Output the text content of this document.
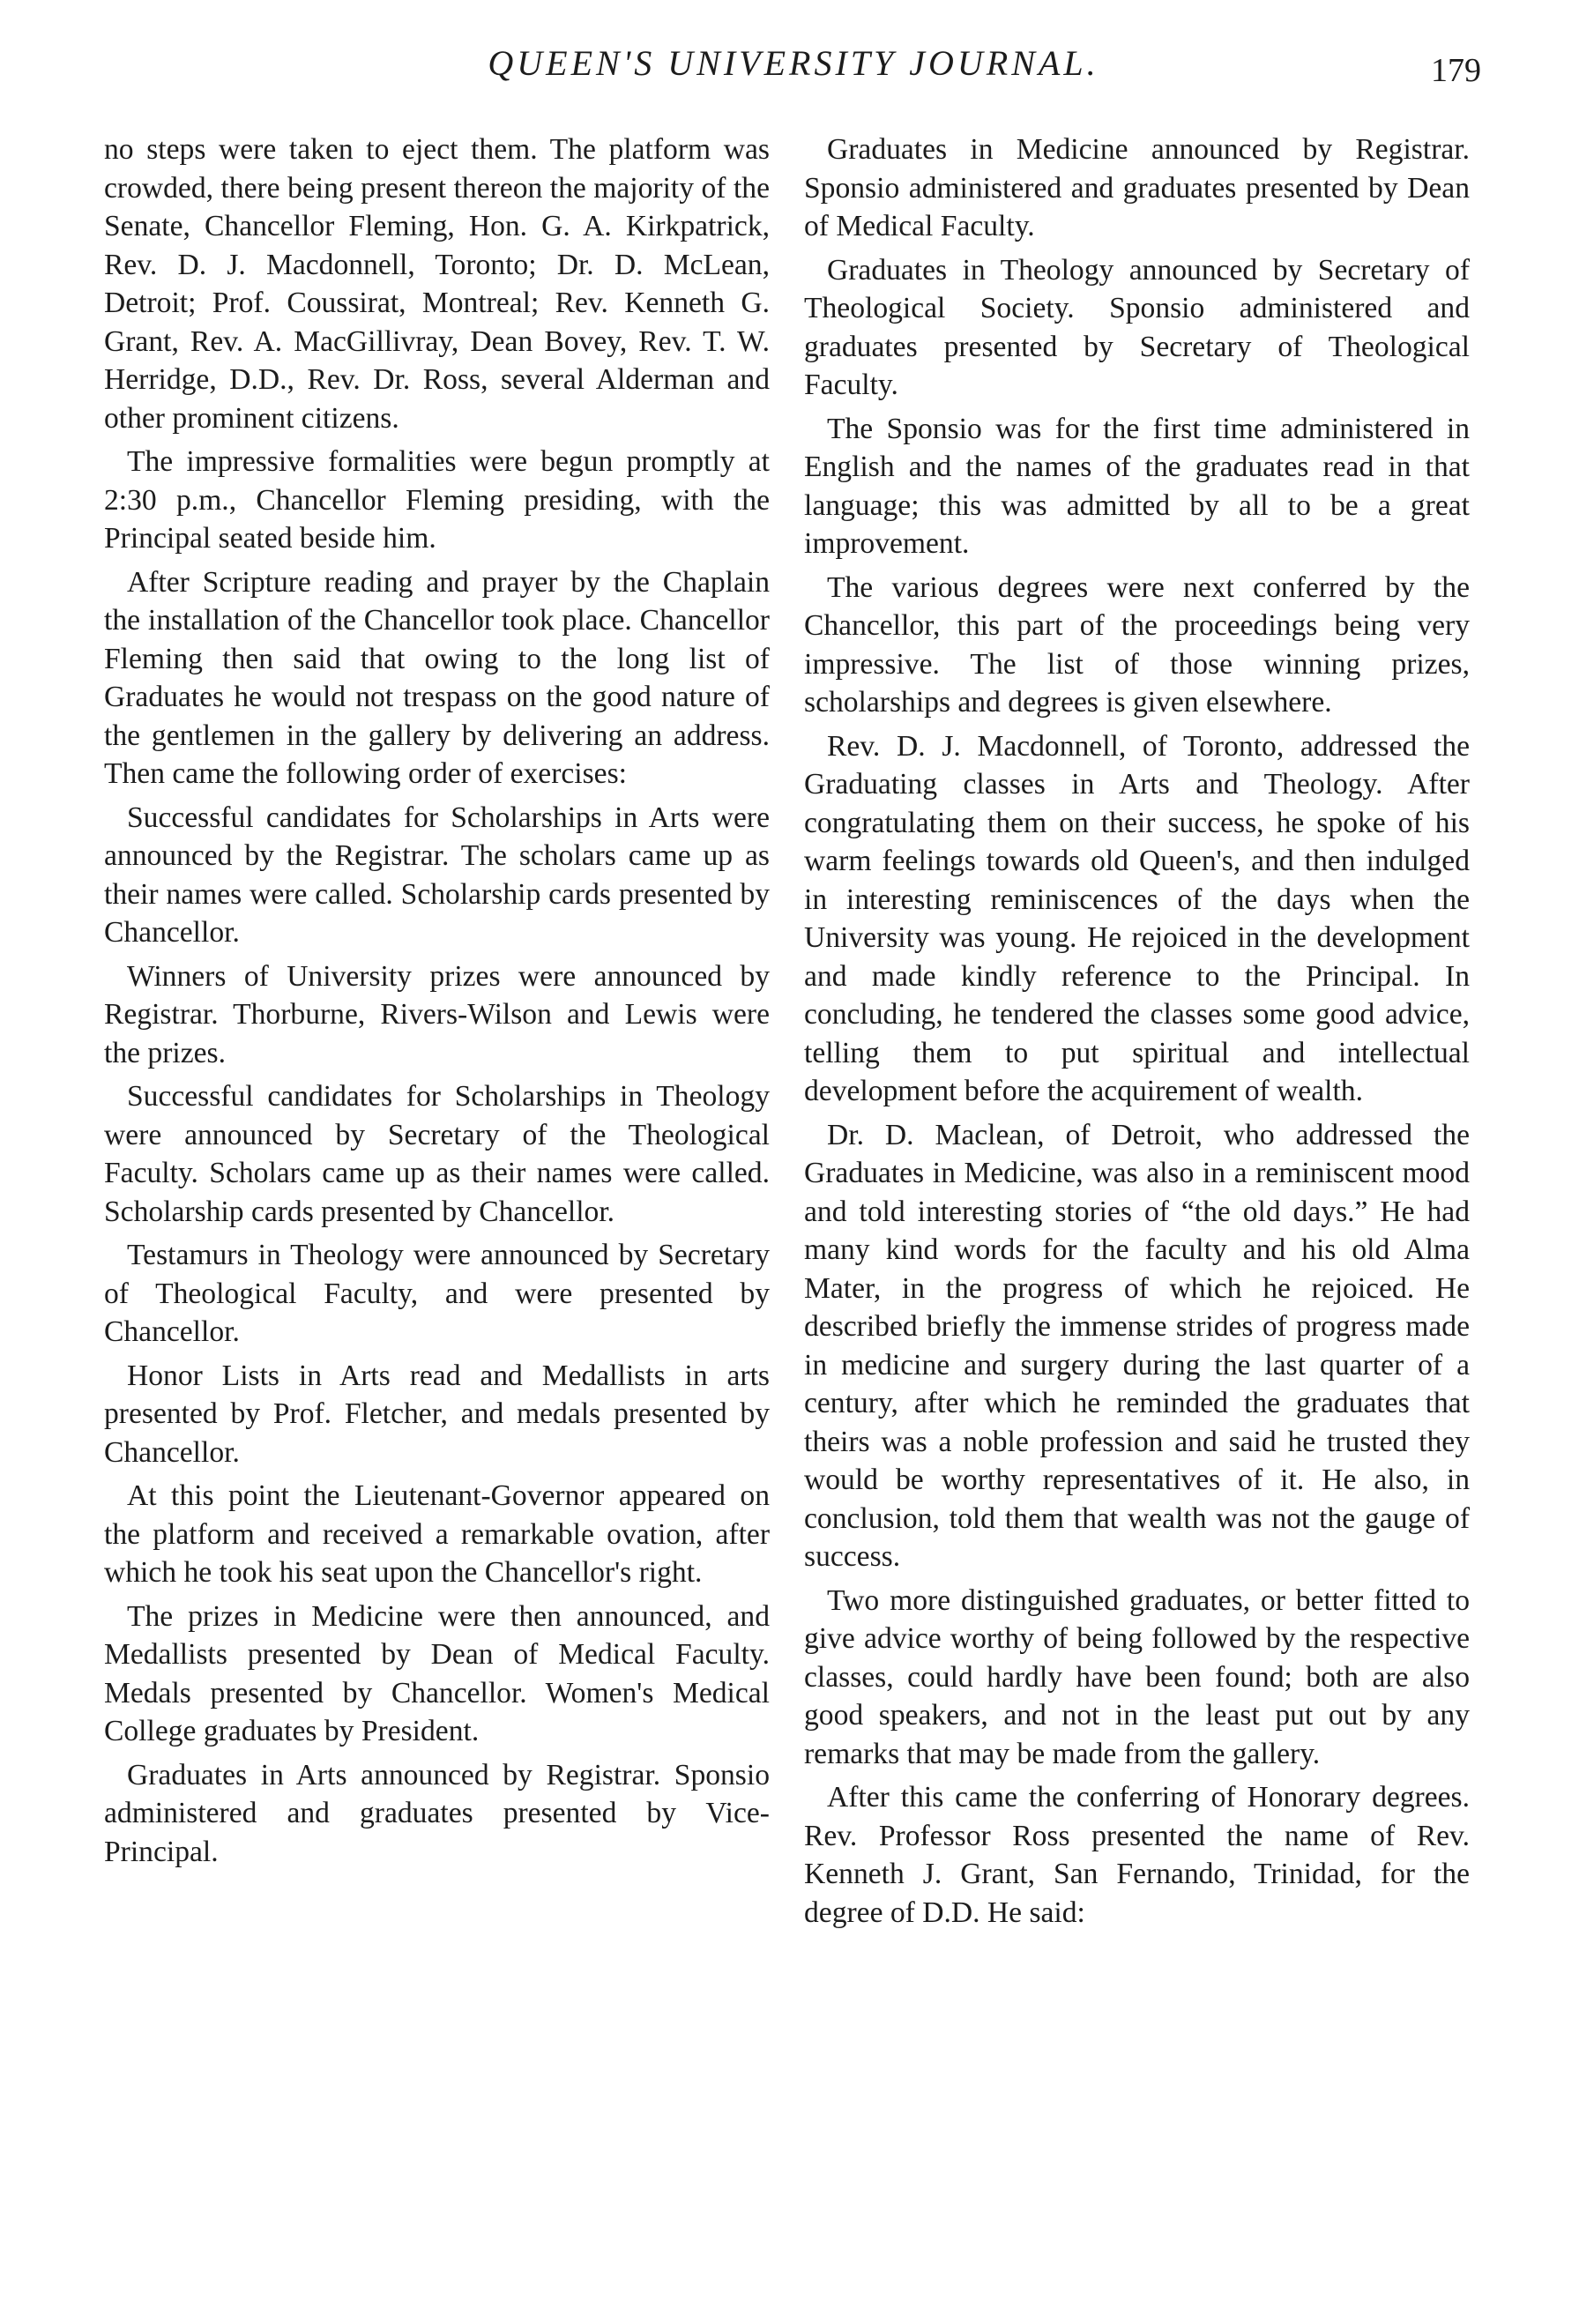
QUEEN'S UNIVERSITY JOURNAL.	179

no steps were taken to eject them. The platform was crowded, there being present thereon the majority of the Senate, Chancellor Fleming, Hon. G. A. Kirkpatrick, Rev. D. J. Macdonnell, Toronto; Dr. D. McLean, Detroit; Prof. Coussirat, Montreal; Rev. Kenneth G. Grant, Rev. A. MacGillivray, Dean Bovey, Rev. T. W. Herridge, D.D., Rev. Dr. Ross, several Alderman and other prominent citizens.

The impressive formalities were begun promptly at 2:30 p.m., Chancellor Fleming presiding, with the Principal seated beside him.

After Scripture reading and prayer by the Chaplain the installation of the Chancellor took place. Chancellor Fleming then said that owing to the long list of Graduates he would not trespass on the good nature of the gentlemen in the gallery by delivering an address. Then came the following order of exercises:

Successful candidates for Scholarships in Arts were announced by the Registrar. The scholars came up as their names were called. Scholarship cards presented by Chancellor.

Winners of University prizes were announced by Registrar. Thorburne, Rivers-Wilson and Lewis were the prizes.

Successful candidates for Scholarships in Theology were announced by Secretary of the Theological Faculty. Scholars came up as their names were called. Scholarship cards presented by Chancellor.

Testamurs in Theology were announced by Secretary of Theological Faculty, and were presented by Chancellor.

Honor Lists in Arts read and Medallists in arts presented by Prof. Fletcher, and medals presented by Chancellor.

At this point the Lieutenant-Governor appeared on the platform and received a remarkable ovation, after which he took his seat upon the Chancellor's right.

The prizes in Medicine were then announced, and Medallists presented by Dean of Medical Faculty. Medals presented by Chancellor. Women's Medical College graduates by President.

Graduates in Arts announced by Registrar. Sponsio administered and graduates presented by Vice-Principal.

Graduates in Medicine announced by Registrar. Sponsio administered and graduates presented by Dean of Medical Faculty.

Graduates in Theology announced by Secretary of Theological Society. Sponsio administered and graduates presented by Secretary of Theological Faculty.

The Sponsio was for the first time administered in English and the names of the graduates read in that language; this was admitted by all to be a great improvement.

The various degrees were next conferred by the Chancellor, this part of the proceedings being very impressive. The list of those winning prizes, scholarships and degrees is given elsewhere.

Rev. D. J. Macdonnell, of Toronto, addressed the Graduating classes in Arts and Theology. After congratulating them on their success, he spoke of his warm feelings towards old Queen's, and then indulged in interesting reminiscences of the days when the University was young. He rejoiced in the development and made kindly reference to the Principal. In concluding, he tendered the classes some good advice, telling them to put spiritual and intellectual development before the acquirement of wealth.

Dr. D. Maclean, of Detroit, who addressed the Graduates in Medicine, was also in a reminiscent mood and told interesting stories of “the old days.” He had many kind words for the faculty and his old Alma Mater, in the progress of which he rejoiced. He described briefly the immense strides of progress made in medicine and surgery during the last quarter of a century, after which he reminded the graduates that theirs was a noble profession and said he trusted they would be worthy representatives of it. He also, in conclusion, told them that wealth was not the gauge of success.

Two more distinguished graduates, or better fitted to give advice worthy of being followed by the respective classes, could hardly have been found; both are also good speakers, and not in the least put out by any remarks that may be made from the gallery.

After this came the conferring of Honorary degrees. Rev. Professor Ross presented the name of Rev. Kenneth J. Grant, San Fernando, Trinidad, for the degree of D.D. He said:
